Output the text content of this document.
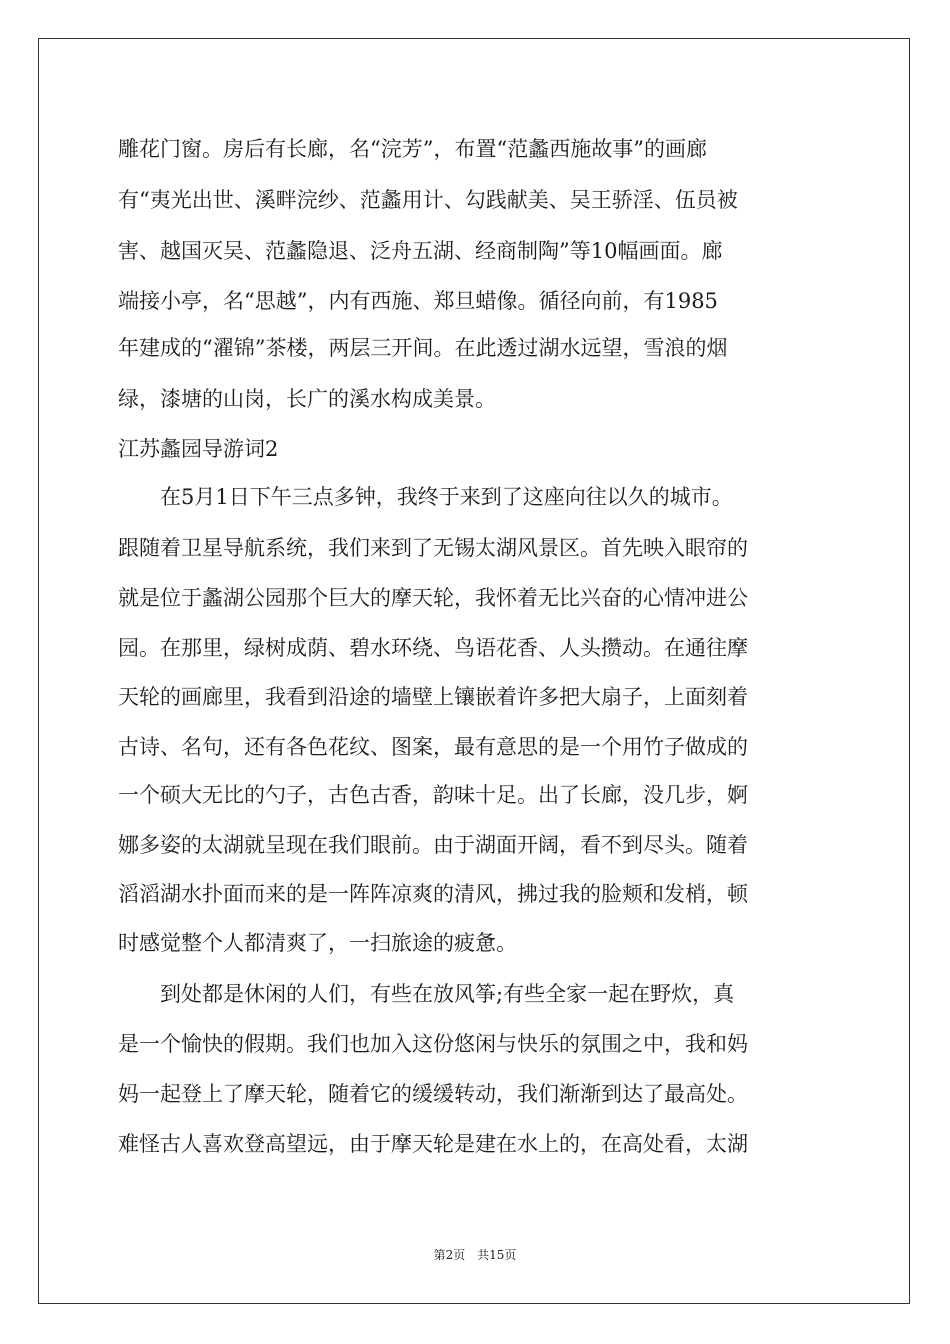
雕花门窗。房后有长廊，名“浣芳”，布置“范蠡西施故事”的画廊
有“夷光出世、溪畔浣纱、范蠡用计、勾践献美、吴王骄淫、伍员被
害、越国灭吴、范蠡隐退、泛舟五湖、经商制陶”等10幅画面。廊
端接小亭，名“思越”，内有西施、郑旦蜡像。循径向前，有1985
年建成的“濯锦”茶楼，两层三开间。在此透过湖水远望，雪浪的烟
绿，漆塘的山岗，长广的溪水构成美景。
江苏蠡园导游词2
在5月1日下午三点多钟，我终于来到了这座向往以久的城市。
跟随着卫星导航系统，我们来到了无锡太湖风景区。首先映入眼帘的
就是位于蠡湖公园那个巨大的摩天轮，我怀着无比兴奋的心情冲进公
园。在那里，绿树成荫、碧水环绕、鸟语花香、人头攒动。在通往摩
天轮的画廊里，我看到沿途的墙壁上镶嵌着许多把大扇子，上面刻着
古诗、名句，还有各色花纹、图案，最有意思的是一个用竹子做成的
一个硕大无比的勺子，古色古香，韵味十足。出了长廊，没几步，婀
娜多姿的太湖就呈现在我们眼前。由于湖面开阔，看不到尽头。随着
滔滔湖水扑面而来的是一阵阵凉爽的清风，拂过我的脸颊和发梢，顿
时感觉整个人都清爽了，一扫旅途的疲惫。
到处都是休闲的人们，有些在放风筝;有些全家一起在野炊，真
是一个愉快的假期。我们也加入这份悠闲与快乐的氛围之中，我和妈
妈一起登上了摩天轮，随着它的缓缓转动，我们渐渐到达了最高处。
难怪古人喜欢登高望远，由于摩天轮是建在水上的，在高处看，太湖
第2页 共15页
